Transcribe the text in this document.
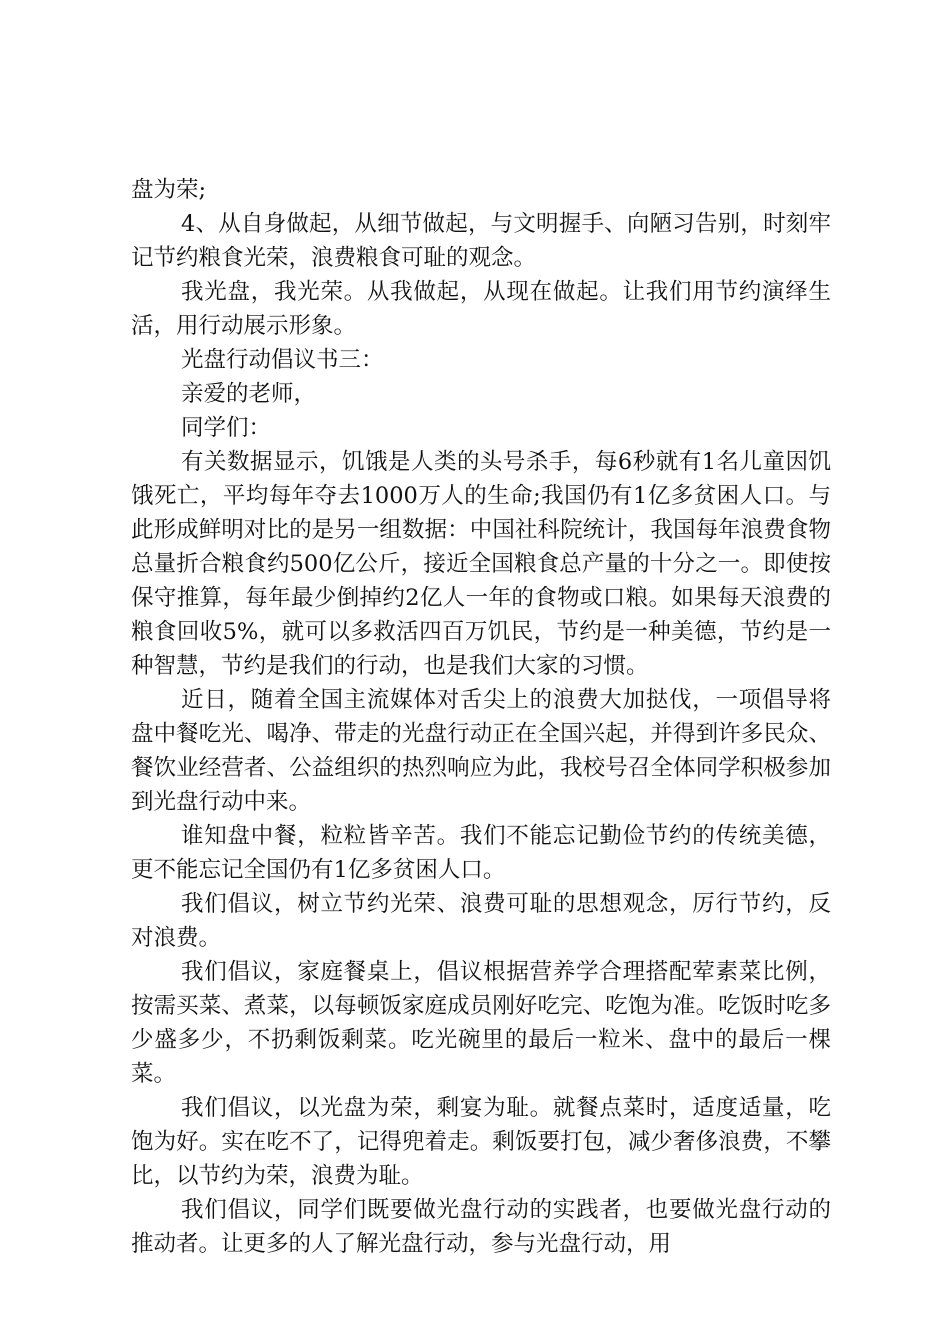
盘为荣;

4、从自身做起，从细节做起，与文明握手、向陋习告别，时刻牢记节约粮食光荣，浪费粮食可耻的观念。

我光盘，我光荣。从我做起，从现在做起。让我们用节约演绎生活，用行动展示形象。

光盘行动倡议书三：

亲爱的老师，

同学们：

有关数据显示，饥饿是人类的头号杀手，每6秒就有1名儿童因饥饿死亡，平均每年夺去1000万人的生命;我国仍有1亿多贫困人口。与此形成鲜明对比的是另一组数据：中国社科院统计，我国每年浪费食物总量折合粮食约500亿公斤，接近全国粮食总产量的十分之一。即使按保守推算，每年最少倒掉约2亿人一年的食物或口粮。如果每天浪费的粮食回收5%，就可以多救活四百万饥民，节约是一种美德，节约是一种智慧，节约是我们的行动，也是我们大家的习惯。

近日，随着全国主流媒体对舌尖上的浪费大加挞伐，一项倡导将盘中餐吃光、喝净、带走的光盘行动正在全国兴起，并得到许多民众、餐饮业经营者、公益组织的热烈响应为此，我校号召全体同学积极参加到光盘行动中来。

谁知盘中餐，粒粒皆辛苦。我们不能忘记勤俭节约的传统美德，更不能忘记全国仍有1亿多贫困人口。

我们倡议，树立节约光荣、浪费可耻的思想观念，厉行节约，反对浪费。

我们倡议，家庭餐桌上，倡议根据营养学合理搭配荤素菜比例，按需买菜、煮菜，以每顿饭家庭成员刚好吃完、吃饱为准。吃饭时吃多少盛多少，不扔剩饭剩菜。吃光碗里的最后一粒米、盘中的最后一棵菜。

我们倡议，以光盘为荣，剩宴为耻。就餐点菜时，适度适量，吃饱为好。实在吃不了，记得兜着走。剩饭要打包，减少奢侈浪费，不攀比，以节约为荣，浪费为耻。

我们倡议，同学们既要做光盘行动的实践者，也要做光盘行动的推动者。让更多的人了解光盘行动，参与光盘行动，用
